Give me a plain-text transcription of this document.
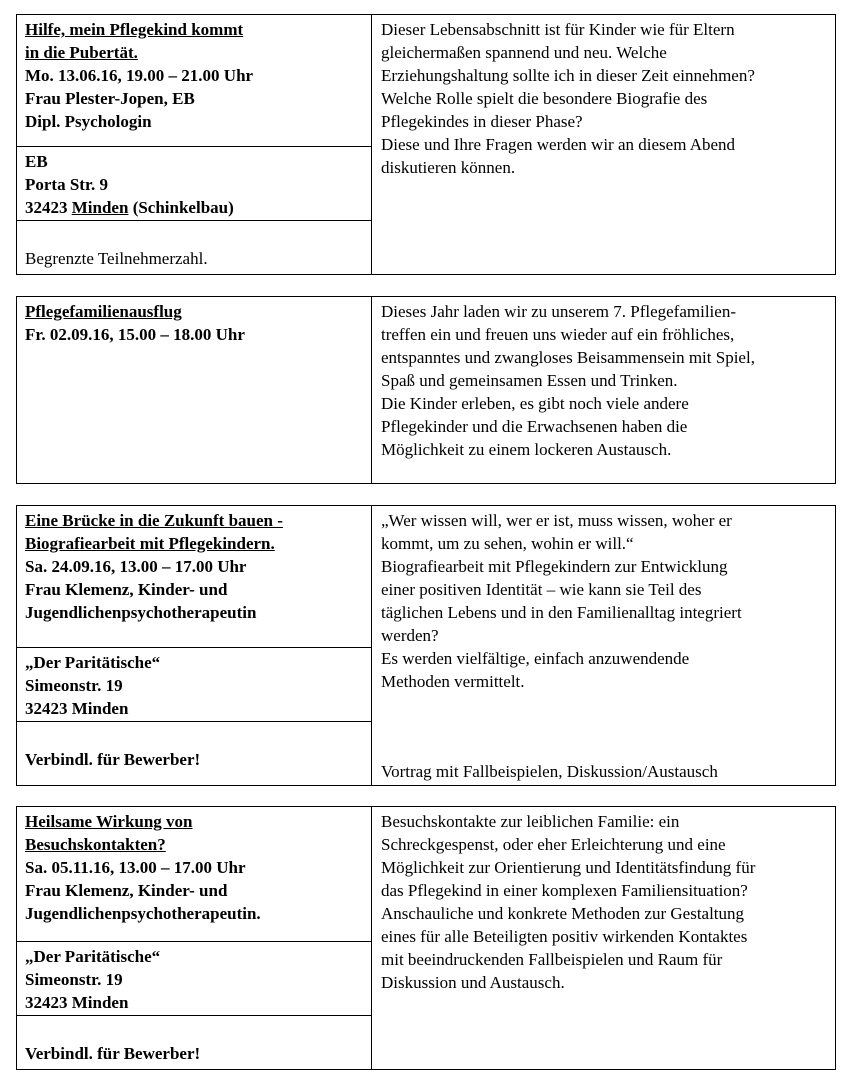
Hilfe, mein Pflegekind kommt
in die Pubertät.
Mo. 13.06.16, 19.00 – 21.00 Uhr
Frau Plester-Jopen, EB
Dipl. Psychologin
EB
Porta Str. 9
32423 Minden (Schinkelbau)
Begrenzte Teilnehmerzahl.
Dieser Lebensabschnitt ist für Kinder wie für Eltern
gleichermaßen spannend und neu. Welche
Erziehungshaltung sollte ich in dieser Zeit einnehmen?
Welche Rolle spielt die besondere Biografie des
Pflegekindes in dieser Phase?
Diese und Ihre Fragen werden wir an diesem Abend
diskutieren können.
Pflegefamilienausflug
Fr. 02.09.16, 15.00 – 18.00 Uhr
Dieses Jahr laden wir zu unserem 7. Pflegefamilien-
treffen ein und freuen uns wieder auf ein fröhliches,
entspanntes und zwangloses Beisammensein mit Spiel,
Spaß und gemeinsamen Essen und Trinken.
Die Kinder erleben, es gibt noch viele andere
Pflegekinder und die Erwachsenen haben die
Möglichkeit zu einem lockeren Austausch.
Eine Brücke in die Zukunft bauen -
Biografiearbeit mit Pflegekindern.
Sa. 24.09.16, 13.00 – 17.00 Uhr
Frau Klemenz, Kinder- und
Jugendlichenpsychotherapeutin
„Der Paritätische“
Simeonstr. 19
32423 Minden
Verbindl. für Bewerber!
„Wer wissen will, wer er ist, muss wissen, woher er
kommt, um zu sehen, wohin er will.“
Biografiearbeit mit Pflegekindern zur Entwicklung
einer positiven Identität – wie kann sie Teil des
täglichen Lebens und in den Familienalltag integriert
werden?
Es werden vielfältige, einfach anzuwendende
Methoden vermittelt.
Vortrag mit Fallbeispielen, Diskussion/Austausch
Heilsame Wirkung von
Besuchskontakten?
Sa. 05.11.16, 13.00 – 17.00 Uhr
Frau Klemenz, Kinder- und
Jugendlichenpsychotherapeutin.
„Der Paritätische“
Simeonstr. 19
32423 Minden
Verbindl. für Bewerber!
Besuchskontakte zur leiblichen Familie: ein
Schreckgespenst, oder eher Erleichterung und eine
Möglichkeit zur Orientierung und Identitätsfindung für
das Pflegekind in einer komplexen Familiensituation?
Anschauliche und konkrete Methoden zur Gestaltung
eines für alle Beteiligten positiv wirkenden Kontaktes
mit beeindruckenden Fallbeispielen und Raum für
Diskussion und Austausch.
